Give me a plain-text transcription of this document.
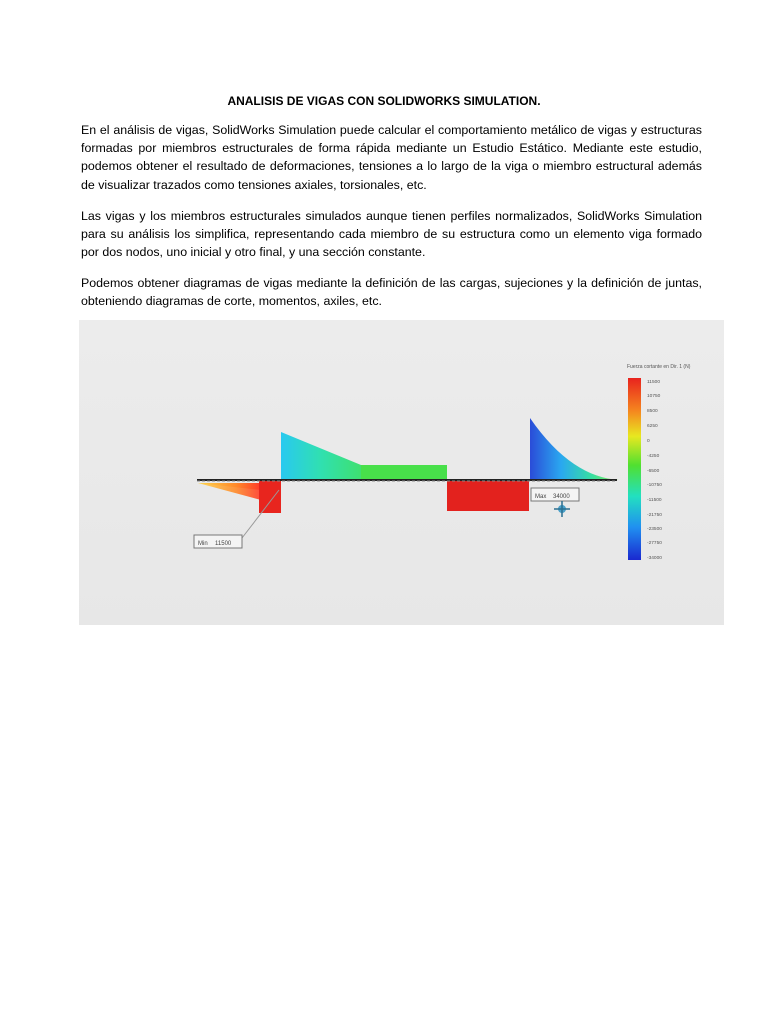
ANALISIS DE VIGAS CON SOLIDWORKS SIMULATION.
En el análisis de vigas, SolidWorks Simulation puede calcular el comportamiento metálico de vigas y estructuras formadas por miembros estructurales de forma rápida mediante un Estudio Estático. Mediante este estudio, podemos obtener el resultado de deformaciones, tensiones a lo largo de la viga o miembro estructural además de visualizar trazados como tensiones axiales, torsionales, etc.
Las vigas y los miembros estructurales simulados aunque tienen perfiles normalizados, SolidWorks Simulation para su análisis los simplifica, representando cada miembro de su estructura como un elemento viga formado por dos nodos, uno inicial y otro final, y una sección constante.
Podemos obtener diagramas de vigas mediante la definición de las cargas, sujeciones y la definición de juntas, obteniendo diagramas de corte, momentos, axiles, etc.
Min 11500
Max 34000
Fuerza cortante en Dir. 1 (N)
11500
10750
8500
6250
0
-4250
-6500
-10750
-11500
-21750
-23500
-27750
-34000
